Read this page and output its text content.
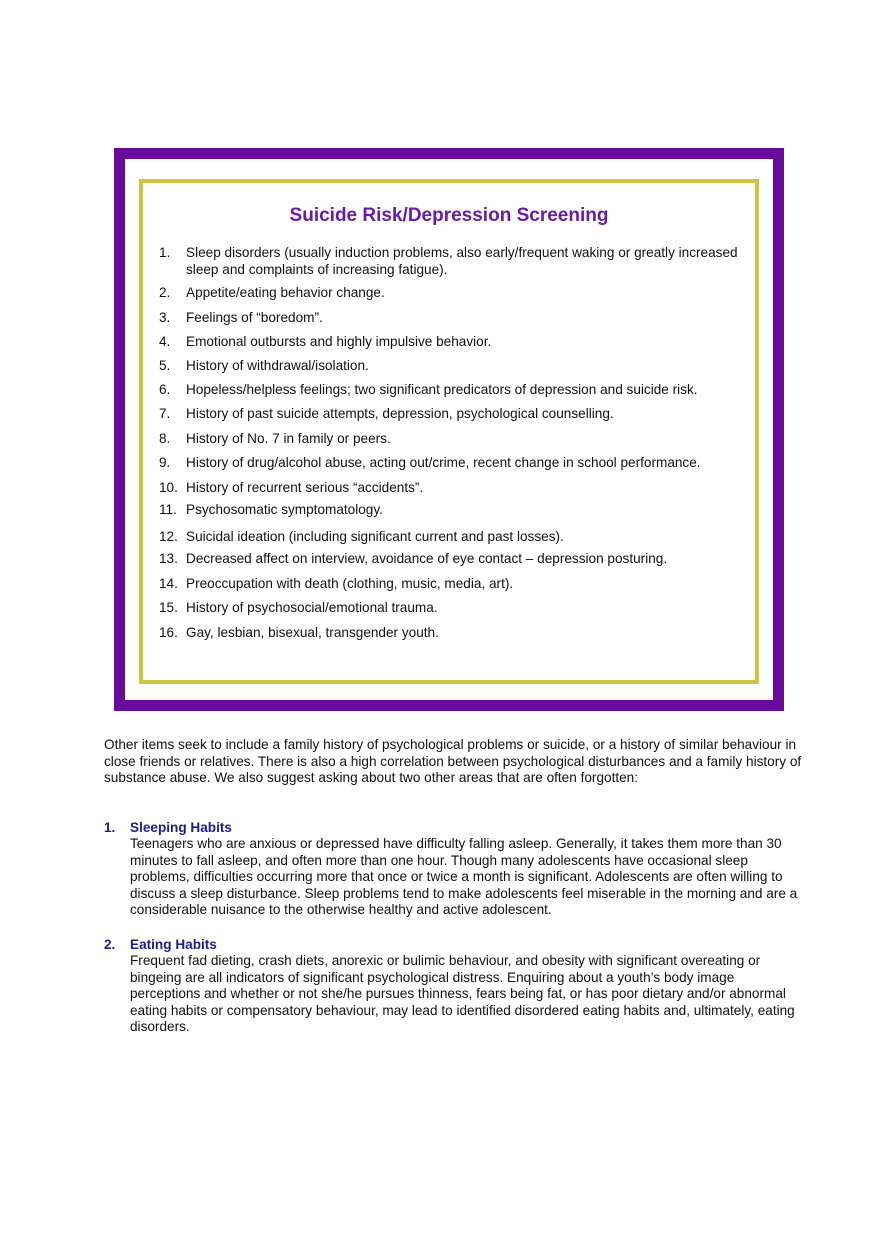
Suicide Risk/Depression Screening
1.	Sleep disorders (usually induction problems, also early/frequent waking or greatly increased sleep and complaints of increasing fatigue).
2.	Appetite/eating behavior change.
3.	Feelings of “boredom”.
4.	Emotional outbursts and highly impulsive behavior.
5.	History of withdrawal/isolation.
6.	Hopeless/helpless feelings; two significant predicators of depression and suicide risk.
7.	History of past suicide attempts, depression, psychological counselling.
8.	History of No. 7 in family or peers.
9.	History of drug/alcohol abuse, acting out/crime, recent change in school performance.
10. History of recurrent serious “accidents”.
11. Psychosomatic symptomatology.
12. Suicidal ideation (including significant current and past losses).
13. Decreased affect on interview, avoidance of eye contact – depression posturing.
14. Preoccupation with death (clothing, music, media, art).
15. History of psychosocial/emotional trauma.
16. Gay, lesbian, bisexual, transgender youth.

Other items seek to include a family history of psychological problems or suicide, or a history of similar behaviour in close friends or relatives. There is also a high correlation between psychological disturbances and a family history of substance abuse. We also suggest asking about two other areas that are often forgotten:

1. Sleeping Habits
Teenagers who are anxious or depressed have difficulty falling asleep. Generally, it takes them more than 30 minutes to fall asleep, and often more than one hour. Though many adolescents have occasional sleep problems, difficulties occurring more that once or twice a month is significant. Adolescents are often willing to discuss a sleep disturbance. Sleep problems tend to make adolescents feel miserable in the morning and are a considerable nuisance to the otherwise healthy and active adolescent.
2. Eating Habits
Frequent fad dieting, crash diets, anorexic or bulimic behaviour, and obesity with significant overeating or bingeing are all indicators of significant psychological distress. Enquiring about a youth’s body image perceptions and whether or not she/he pursues thinness, fears being fat, or has poor dietary and/or abnormal eating habits or compensatory behaviour, may lead to identified disordered eating habits and, ultimately, eating disorders.
